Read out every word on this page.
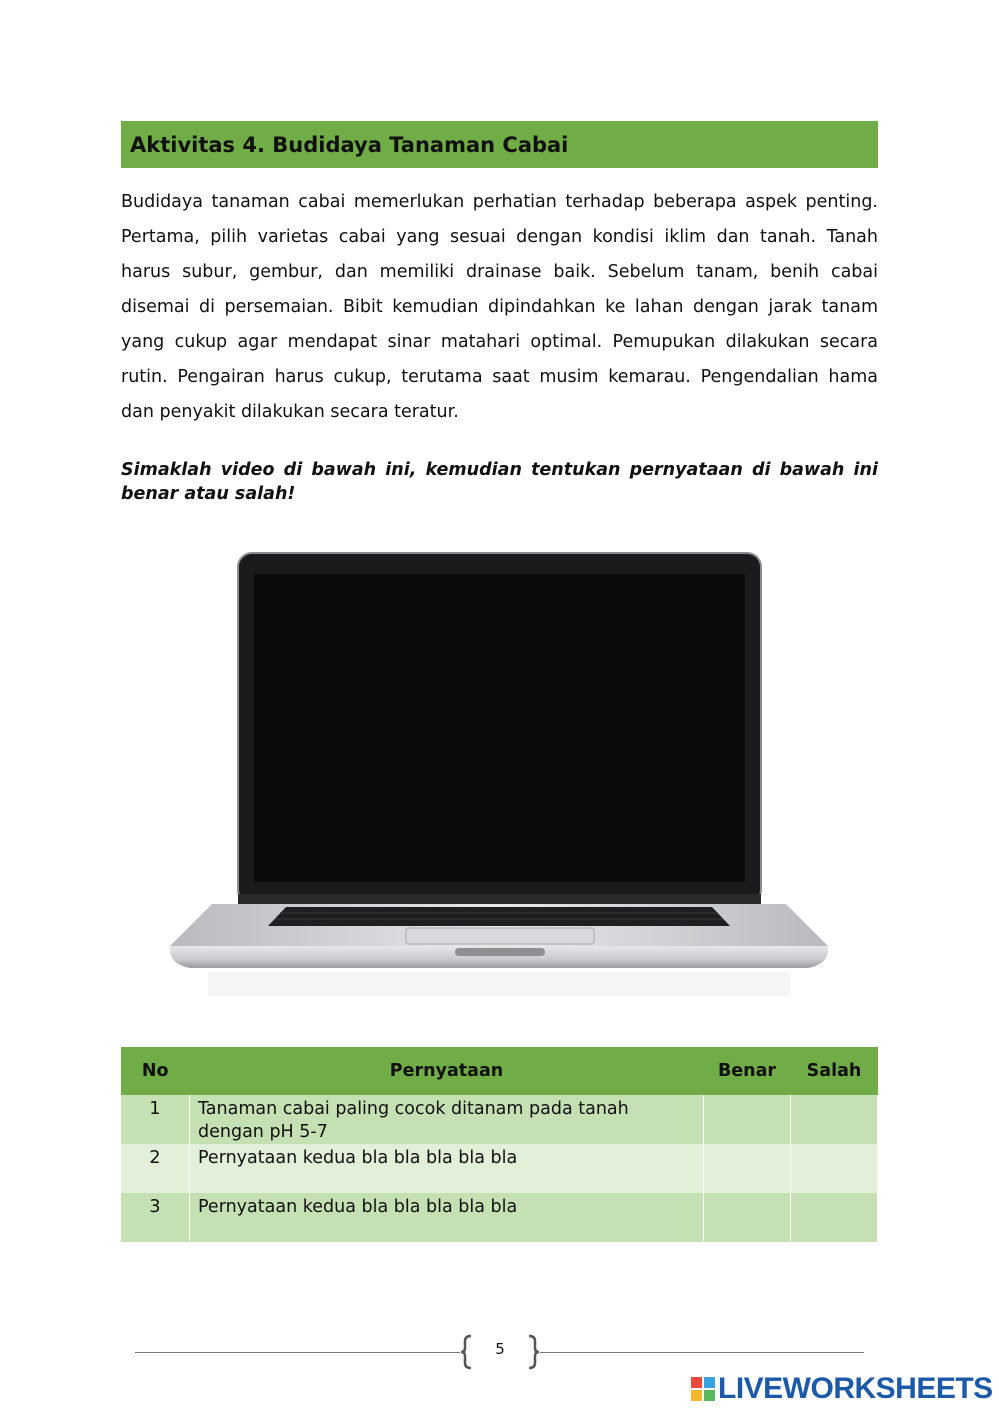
Aktivitas 4. Budidaya Tanaman Cabai

Budidaya tanaman cabai memerlukan perhatian terhadap beberapa aspek penting. Pertama, pilih varietas cabai yang sesuai dengan kondisi iklim dan tanah. Tanah harus subur, gembur, dan memiliki drainase baik. Sebelum tanam, benih cabai disemai di persemaian. Bibit kemudian dipindahkan ke lahan dengan jarak tanam yang cukup agar mendapat sinar matahari optimal. Pemupukan dilakukan secara rutin. Pengairan harus cukup, terutama saat musim kemarau. Pengendalian hama dan penyakit dilakukan secara teratur.

Simaklah video di bawah ini, kemudian tentukan pernyataan di bawah ini benar atau salah!

No	Pernyataan	Benar	Salah
1	Tanaman cabai paling cocok ditanam pada tanah dengan pH 5-7		
2	Pernyataan kedua bla bla bla bla bla		
3	Pernyataan kedua bla bla bla bla bla		
5
LIVEWORKSHEETS
